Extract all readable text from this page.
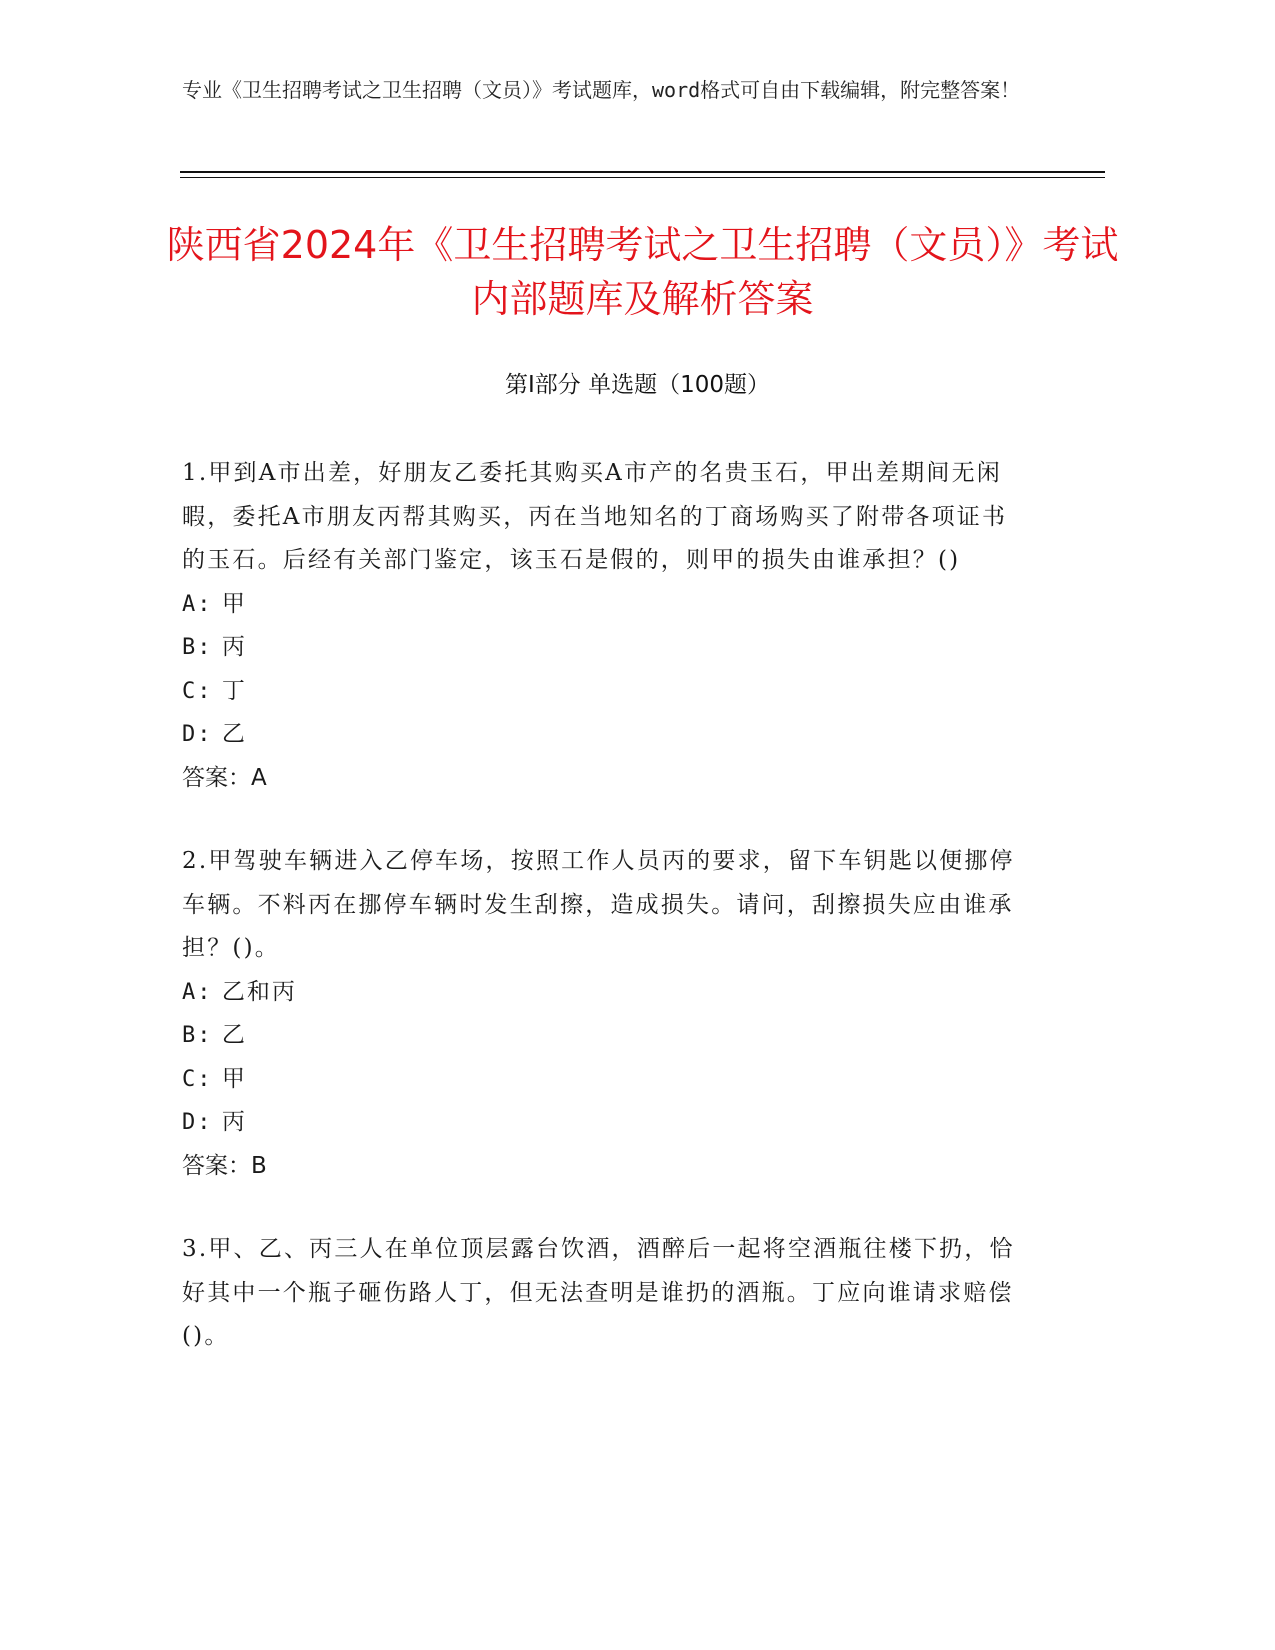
专业《卫生招聘考试之卫生招聘（文员）》考试题库，word格式可自由下载编辑，附完整答案！
陕西省2024年《卫生招聘考试之卫生招聘（文员）》考试内部题库及解析答案
第I部分 单选题（100题）

1.甲到A市出差，好朋友乙委托其购买A市产的名贵玉石，甲出差期间无闲暇，委托A市朋友丙帮其购买，丙在当地知名的丁商场购买了附带各项证书的玉石。后经有关部门鉴定，该玉石是假的，则甲的损失由谁承担？()

A: 甲

B: 丙

C: 丁

D: 乙

答案：A

2.甲驾驶车辆进入乙停车场，按照工作人员丙的要求，留下车钥匙以便挪停车辆。不料丙在挪停车辆时发生刮擦，造成损失。请问，刮擦损失应由谁承担？()。

A: 乙和丙

B: 乙

C: 甲

D: 丙

答案：B

3.甲、乙、丙三人在单位顶层露台饮酒，酒醉后一起将空酒瓶往楼下扔，恰好其中一个瓶子砸伤路人丁，但无法查明是谁扔的酒瓶。丁应向谁请求赔偿()。
